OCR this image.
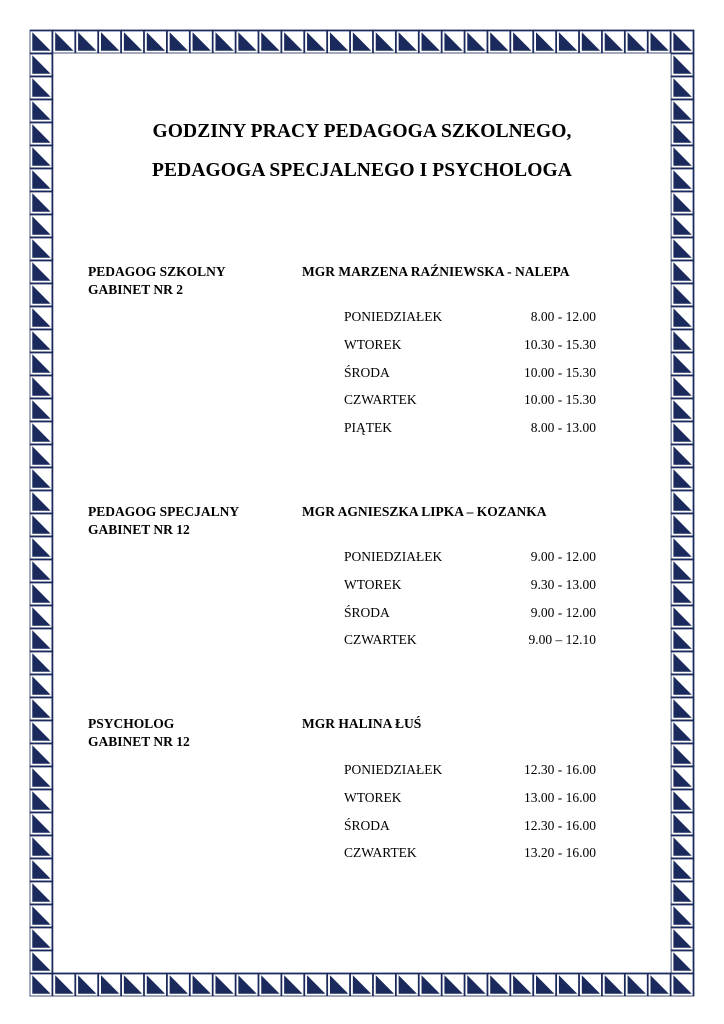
GODZINY PRACY PEDAGOGA SZKOLNEGO,
PEDAGOGA SPECJALNEGO I PSYCHOLOGA
PEDAGOG SZKOLNY
GABINET NR 2
MGR MARZENA RAŹNIEWSKA - NALEPA
PONIEDZIAŁEK	8.00 - 12.00
WTOREK	10.30 - 15.30
ŚRODA	10.00 - 15.30
CZWARTEK	10.00 - 15.30
PIĄTEK	8.00 - 13.00
PEDAGOG SPECJALNY
GABINET NR 12
MGR AGNIESZKA LIPKA – KOZANKA
PONIEDZIAŁEK	9.00 - 12.00
WTOREK	9.30 - 13.00
ŚRODA	9.00 - 12.00
CZWARTEK	9.00 – 12.10
PSYCHOLOG
GABINET NR 12
MGR HALINA ŁUŚ
PONIEDZIAŁEK	12.30 - 16.00
WTOREK	13.00 - 16.00
ŚRODA	12.30 - 16.00
CZWARTEK	13.20 - 16.00
